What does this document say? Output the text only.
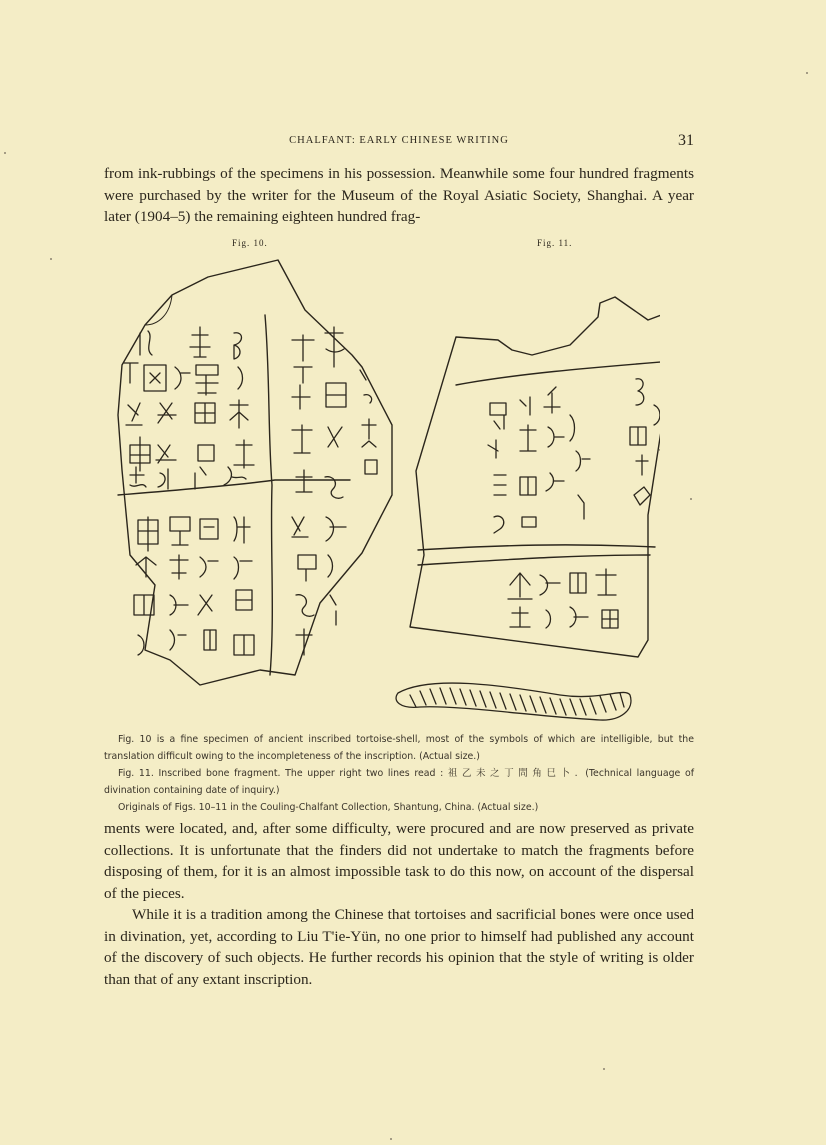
CHALFANT: EARLY CHINESE WRITING	31

from ink-rubbings of the specimens in his possession. Meanwhile some four hundred fragments were purchased by the writer for the Museum of the Royal Asiatic Society, Shanghai. A year later (1904–5) the remaining eighteen hundred frag-

Fig. 10.	Fig. 11.

Fig. 10 is a fine specimen of ancient inscribed tortoise-shell, most of the symbols of which are intelligible, but the translation difficult owing to the incompleteness of the inscription. (Actual size.)

Fig. 11. Inscribed bone fragment. The upper right two lines read : 祖乙未之丁問角巳卜. (Technical language of divination containing date of inquiry.)

Originals of Figs. 10–11 in the Couling-Chalfant Collection, Shantung, China. (Actual size.)

ments were located, and, after some difficulty, were procured and are now preserved as private collections. It is unfortunate that the finders did not undertake to match the fragments before disposing of them, for it is an almost impossible task to do this now, on account of the dispersal of the pieces.

While it is a tradition among the Chinese that tortoises and sacrificial bones were once used in divination, yet, according to Liu T'ie-Yün, no one prior to himself had published any account of the discovery of such objects. He further records his opinion that the style of writing is older than that of any extant inscription.
